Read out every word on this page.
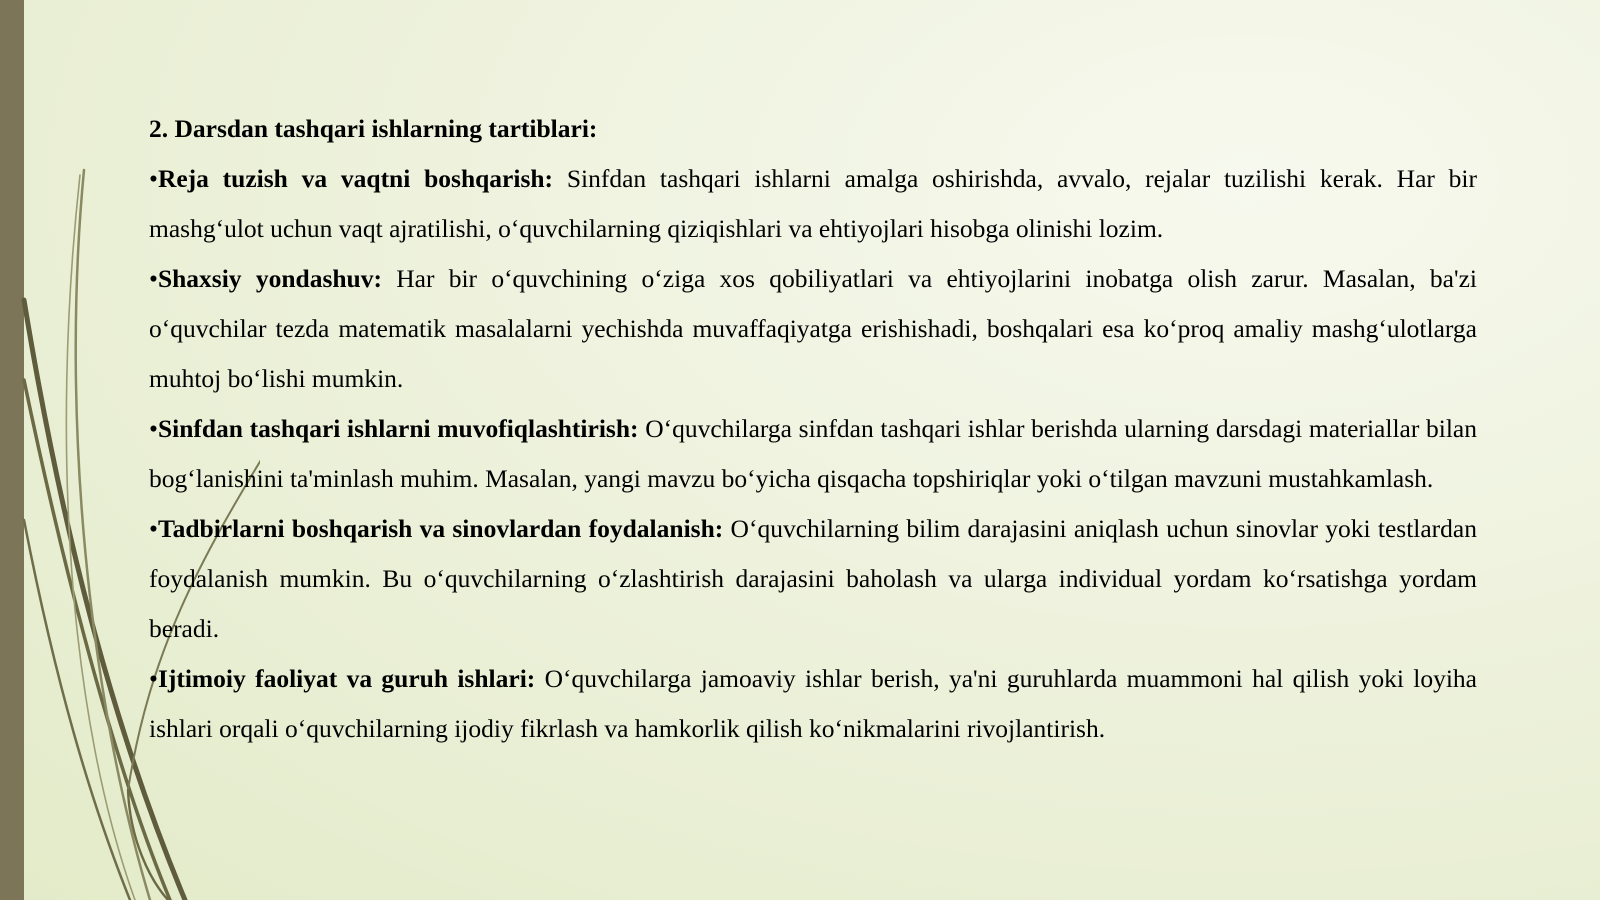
2. Darsdan tashqari ishlarning tartiblari:

•Reja tuzish va vaqtni boshqarish: Sinfdan tashqari ishlarni amalga oshirishda, avvalo, rejalar tuzilishi kerak. Har bir mashg‘ulot uchun vaqt ajratilishi, o‘quvchilarning qiziqishlari va ehtiyojlari hisobga olinishi lozim.

•Shaxsiy yondashuv: Har bir o‘quvchining o‘ziga xos qobiliyatlari va ehtiyojlarini inobatga olish zarur. Masalan, ba'zi o‘quvchilar tezda matematik masalalarni yechishda muvaffaqiyatga erishishadi, boshqalari esa ko‘proq amaliy mashg‘ulotlarga muhtoj bo‘lishi mumkin.

•Sinfdan tashqari ishlarni muvofiqlashtirish: O‘quvchilarga sinfdan tashqari ishlar berishda ularning darsdagi materiallar bilan bog‘lanishini ta'minlash muhim. Masalan, yangi mavzu bo‘yicha qisqacha topshiriqlar yoki o‘tilgan mavzuni mustahkamlash.

•Tadbirlarni boshqarish va sinovlardan foydalanish: O‘quvchilarning bilim darajasini aniqlash uchun sinovlar yoki testlardan foydalanish mumkin. Bu o‘quvchilarning o‘zlashtirish darajasini baholash va ularga individual yordam ko‘rsatishga yordam beradi.

•Ijtimoiy faoliyat va guruh ishlari: O‘quvchilarga jamoaviy ishlar berish, ya'ni guruhlarda muammoni hal qilish yoki loyiha ishlari orqali o‘quvchilarning ijodiy fikrlash va hamkorlik qilish ko‘nikmalarini rivojlantirish.
